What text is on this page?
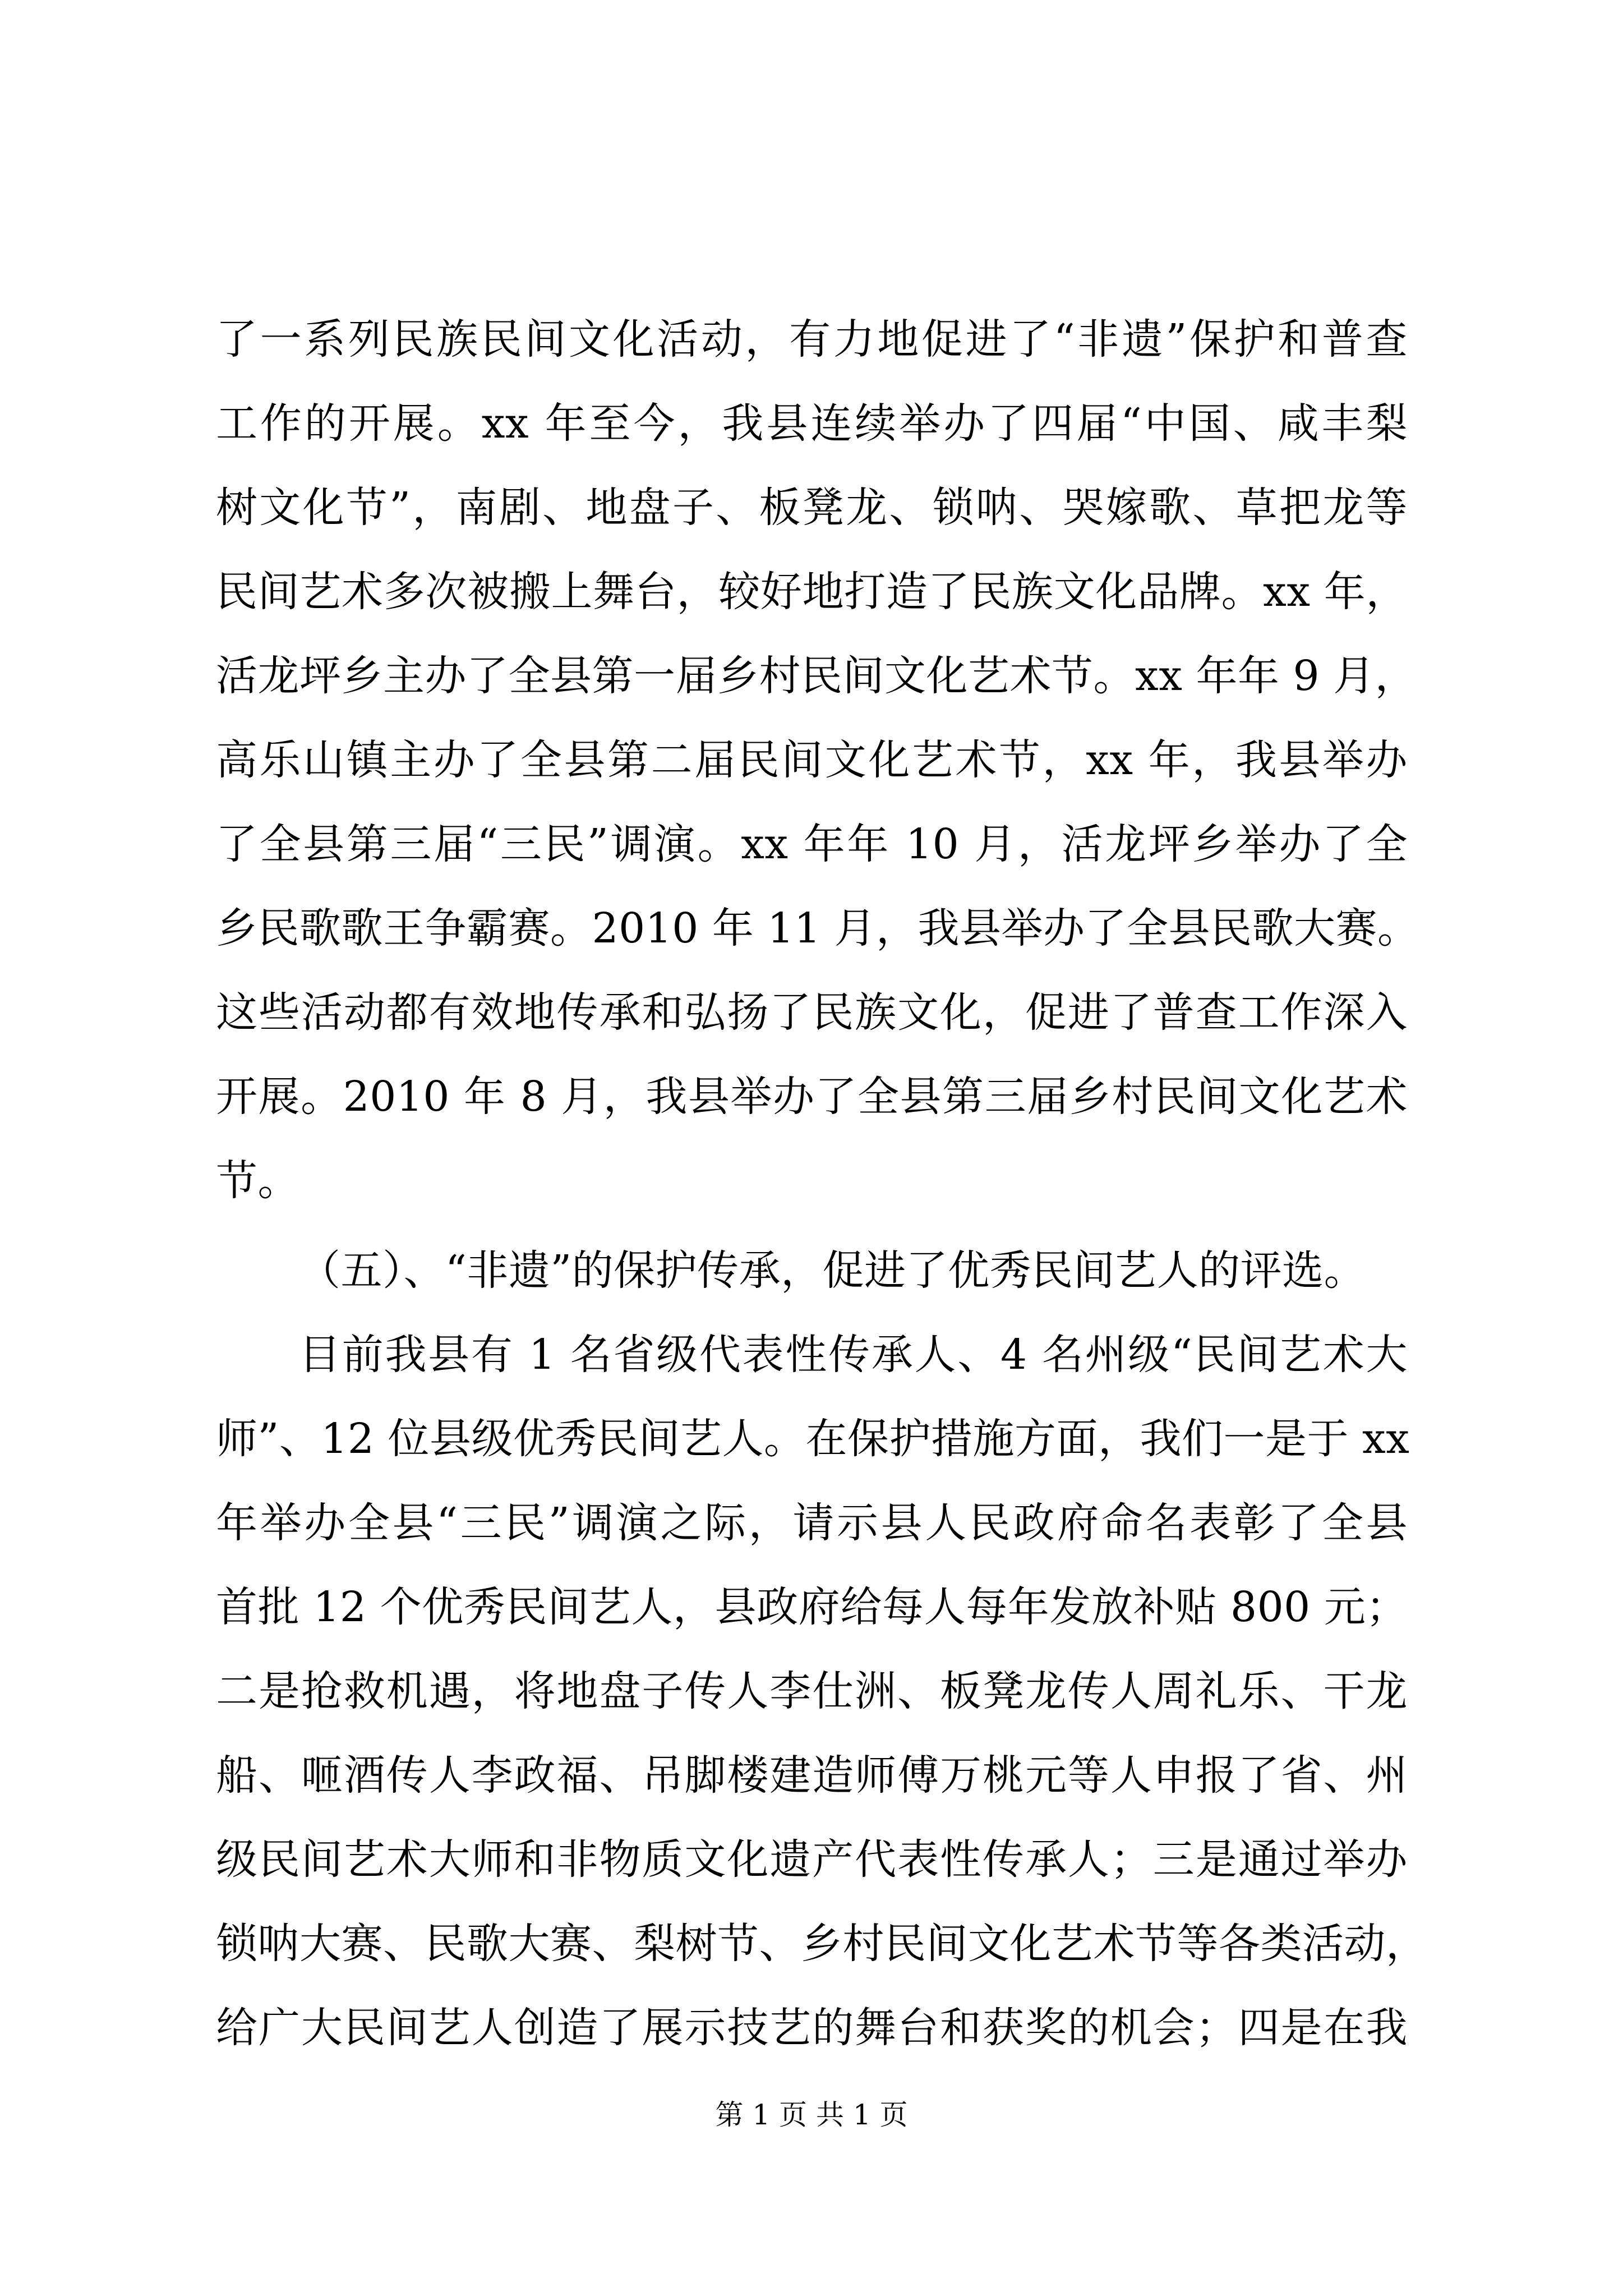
了一系列民族民间文化活动，有力地促进了“非遗”保护和普查
工作的开展。xx 年至今，我县连续举办了四届“中国、咸丰梨
树文化节”，南剧、地盘子、板凳龙、锁呐、哭嫁歌、草把龙等
民间艺术多次被搬上舞台，较好地打造了民族文化品牌。xx 年，
活龙坪乡主办了全县第一届乡村民间文化艺术节。xx 年年 9 月，
高乐山镇主办了全县第二届民间文化艺术节，xx 年，我县举办
了全县第三届“三民”调演。xx 年年 10 月，活龙坪乡举办了全
乡民歌歌王争霸赛。2010 年 11 月，我县举办了全县民歌大赛。
这些活动都有效地传承和弘扬了民族文化，促进了普查工作深入
开展。2010 年 8 月，我县举办了全县第三届乡村民间文化艺术
节。
（五）、“非遗”的保护传承，促进了优秀民间艺人的评选。
目前我县有 1 名省级代表性传承人、4 名州级“民间艺术大
师”、12 位县级优秀民间艺人。在保护措施方面，我们一是于 xx
年举办全县“三民”调演之际，请示县人民政府命名表彰了全县
首批 12 个优秀民间艺人，县政府给每人每年发放补贴 800 元；
二是抢救机遇，将地盘子传人李仕洲、板凳龙传人周礼乐、干龙
船、咂酒传人李政福、吊脚楼建造师傅万桃元等人申报了省、州
级民间艺术大师和非物质文化遗产代表性传承人；三是通过举办
锁呐大赛、民歌大赛、梨树节、乡村民间文化艺术节等各类活动，
给广大民间艺人创造了展示技艺的舞台和获奖的机会；四是在我
第 1 页 共 1 页
